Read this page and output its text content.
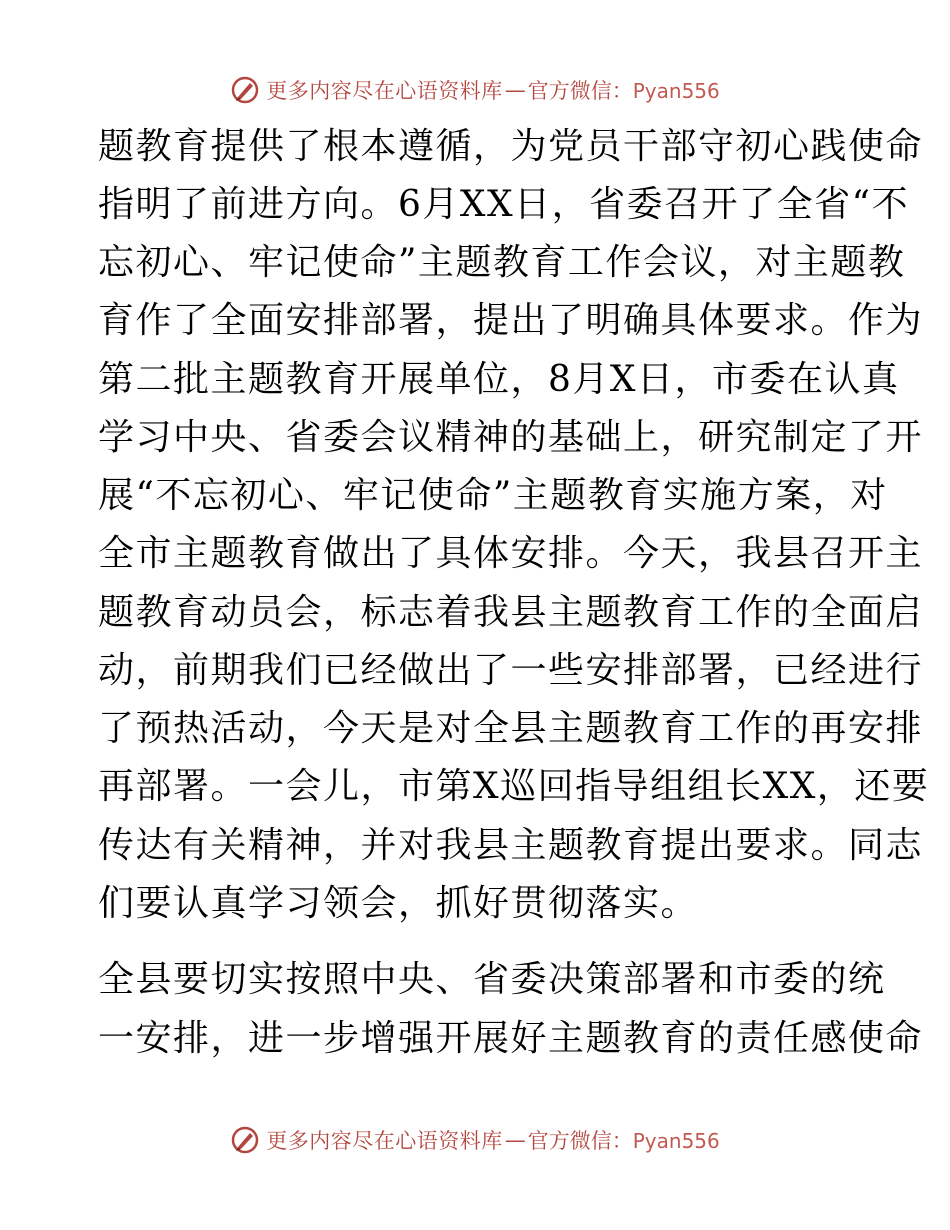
更多内容尽在心语资料库 — 官方微信：Pyan556
题教育提供了根本遵循，为党员干部守初心践使命
指明了前进方向。6月XX日，省委召开了全省“不
忘初心、牢记使命”主题教育工作会议，对主题教
育作了全面安排部署，提出了明确具体要求。作为
第二批主题教育开展单位，8月X日，市委在认真
学习中央、省委会议精神的基础上，研究制定了开
展“不忘初心、牢记使命”主题教育实施方案，对
全市主题教育做出了具体安排。今天，我县召开主
题教育动员会，标志着我县主题教育工作的全面启
动，前期我们已经做出了一些安排部署，已经进行
了预热活动，今天是对全县主题教育工作的再安排
再部署。一会儿，市第X巡回指导组组长XX，还要
传达有关精神，并对我县主题教育提出要求。同志
们要认真学习领会，抓好贯彻落实。
全县要切实按照中央、省委决策部署和市委的统
一安排，进一步增强开展好主题教育的责任感使命
更多内容尽在心语资料库 — 官方微信：Pyan556
